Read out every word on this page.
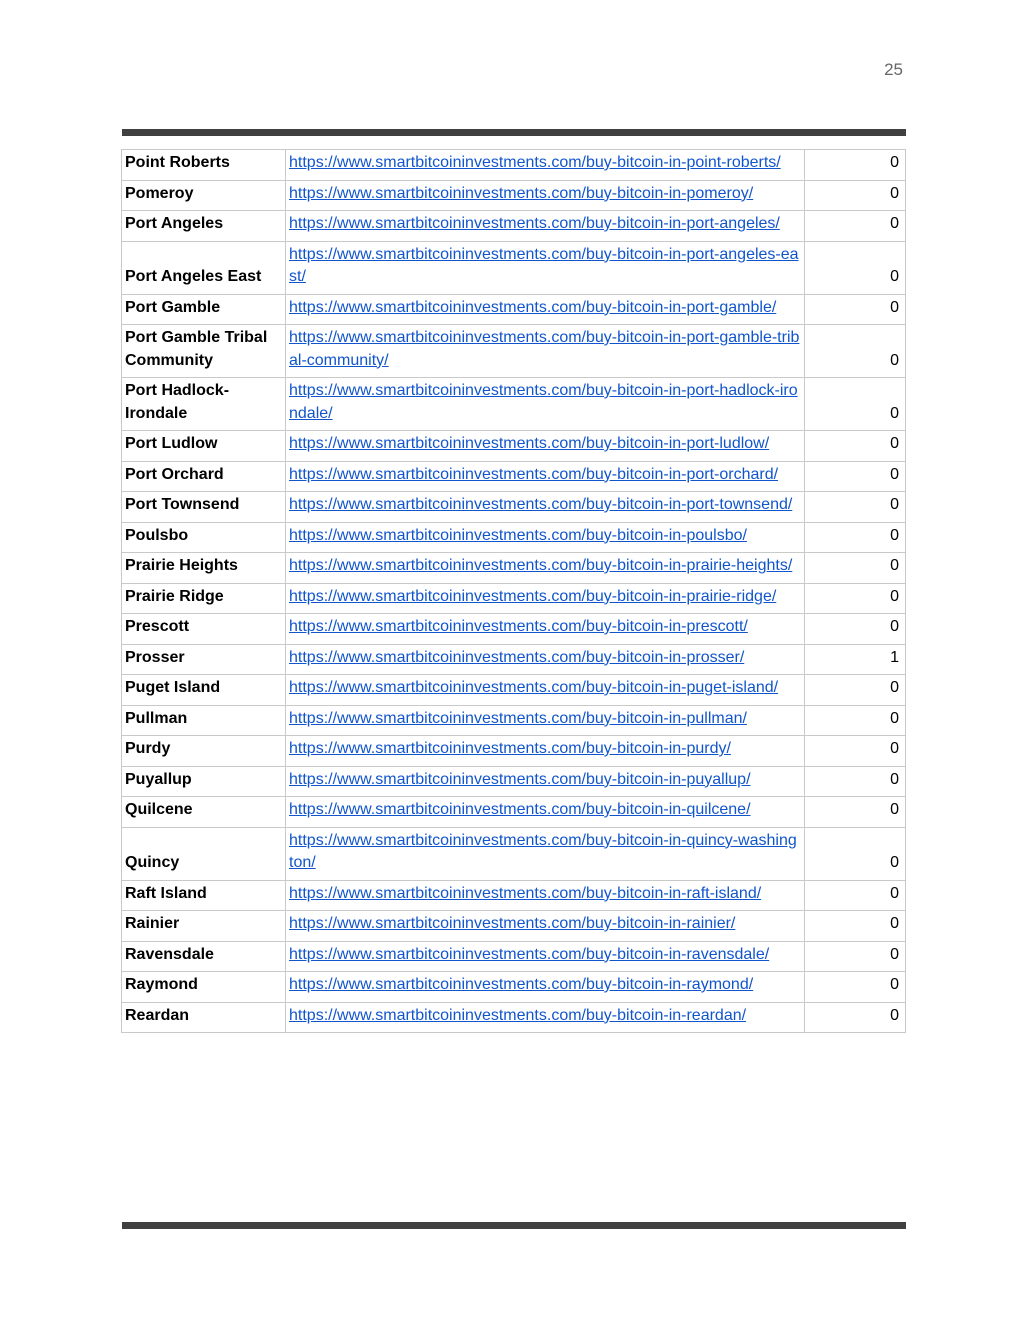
25
Point Roberts	https://www.smartbitcoininvestments.com/buy-bitcoin-in-point-roberts/	0
Pomeroy	https://www.smartbitcoininvestments.com/buy-bitcoin-in-pomeroy/	0
Port Angeles	https://www.smartbitcoininvestments.com/buy-bitcoin-in-port-angeles/	0
Port Angeles East	https://www.smartbitcoininvestments.com/buy-bitcoin-in-port-angeles-east/	0
Port Gamble	https://www.smartbitcoininvestments.com/buy-bitcoin-in-port-gamble/	0
Port Gamble Tribal Community	https://www.smartbitcoininvestments.com/buy-bitcoin-in-port-gamble-tribal-community/	0
Port Hadlock-Irondale	https://www.smartbitcoininvestments.com/buy-bitcoin-in-port-hadlock-irondale/	0
Port Ludlow	https://www.smartbitcoininvestments.com/buy-bitcoin-in-port-ludlow/	0
Port Orchard	https://www.smartbitcoininvestments.com/buy-bitcoin-in-port-orchard/	0
Port Townsend	https://www.smartbitcoininvestments.com/buy-bitcoin-in-port-townsend/	0
Poulsbo	https://www.smartbitcoininvestments.com/buy-bitcoin-in-poulsbo/	0
Prairie Heights	https://www.smartbitcoininvestments.com/buy-bitcoin-in-prairie-heights/	0
Prairie Ridge	https://www.smartbitcoininvestments.com/buy-bitcoin-in-prairie-ridge/	0
Prescott	https://www.smartbitcoininvestments.com/buy-bitcoin-in-prescott/	0
Prosser	https://www.smartbitcoininvestments.com/buy-bitcoin-in-prosser/	1
Puget Island	https://www.smartbitcoininvestments.com/buy-bitcoin-in-puget-island/	0
Pullman	https://www.smartbitcoininvestments.com/buy-bitcoin-in-pullman/	0
Purdy	https://www.smartbitcoininvestments.com/buy-bitcoin-in-purdy/	0
Puyallup	https://www.smartbitcoininvestments.com/buy-bitcoin-in-puyallup/	0
Quilcene	https://www.smartbitcoininvestments.com/buy-bitcoin-in-quilcene/	0
Quincy	https://www.smartbitcoininvestments.com/buy-bitcoin-in-quincy-washington/	0
Raft Island	https://www.smartbitcoininvestments.com/buy-bitcoin-in-raft-island/	0
Rainier	https://www.smartbitcoininvestments.com/buy-bitcoin-in-rainier/	0
Ravensdale	https://www.smartbitcoininvestments.com/buy-bitcoin-in-ravensdale/	0
Raymond	https://www.smartbitcoininvestments.com/buy-bitcoin-in-raymond/	0
Reardan	https://www.smartbitcoininvestments.com/buy-bitcoin-in-reardan/	0
